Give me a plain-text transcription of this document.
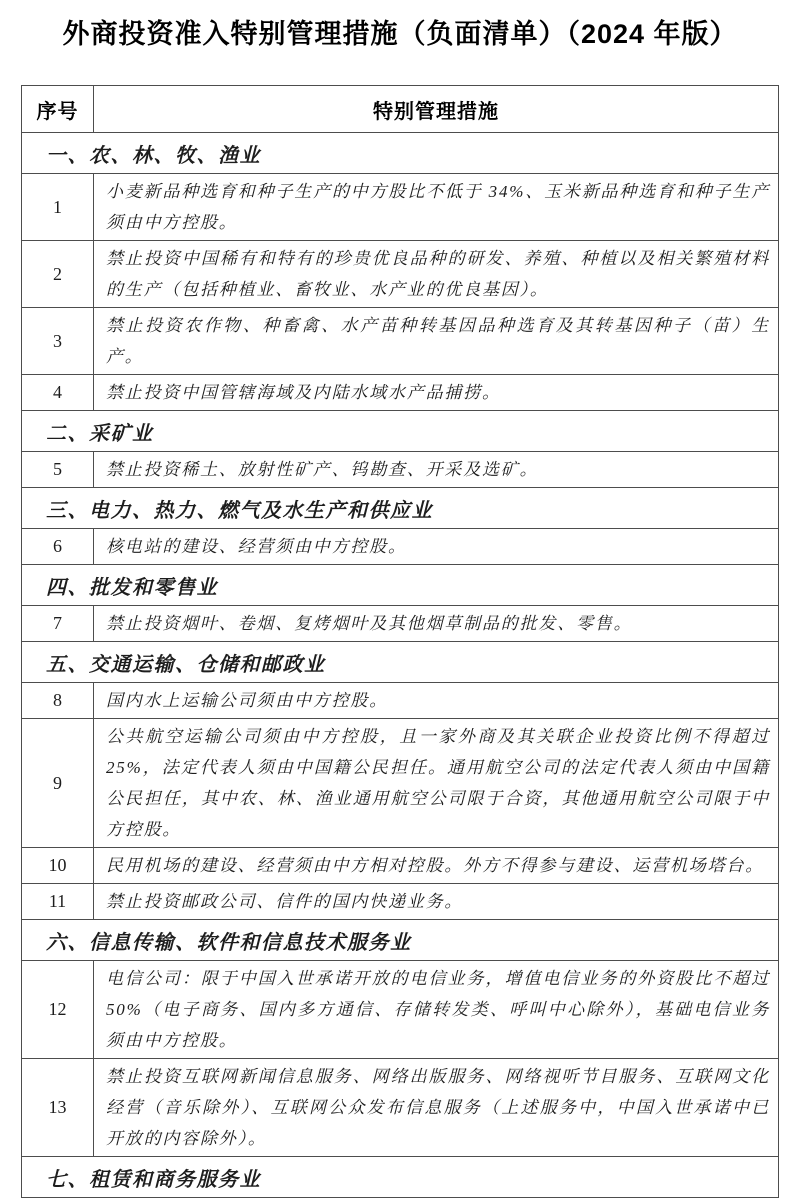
外商投资准入特别管理措施（负面清单）（2024 年版）
序号	特别管理措施
一、农、林、牧、渔业	
1	小麦新品种选育和种子生产的中方股比不低于 34%、玉米新品种选育和种子生产须由中方控股。
2	禁止投资中国稀有和特有的珍贵优良品种的研发、养殖、种植以及相关繁殖材料的生产（包括种植业、畜牧业、水产业的优良基因）。
3	禁止投资农作物、种畜禽、水产苗种转基因品种选育及其转基因种子（苗）生产。
4	禁止投资中国管辖海域及内陆水域水产品捕捞。
二、采矿业	
5	禁止投资稀土、放射性矿产、钨勘查、开采及选矿。
三、电力、热力、燃气及水生产和供应业	
6	核电站的建设、经营须由中方控股。
四、批发和零售业	
7	禁止投资烟叶、卷烟、复烤烟叶及其他烟草制品的批发、零售。
五、交通运输、仓储和邮政业	
8	国内水上运输公司须由中方控股。
9	公共航空运输公司须由中方控股，且一家外商及其关联企业投资比例不得超过 25%，法定代表人须由中国籍公民担任。通用航空公司的法定代表人须由中国籍公民担任，其中农、林、渔业通用航空公司限于合资，其他通用航空公司限于中方控股。
10	民用机场的建设、经营须由中方相对控股。外方不得参与建设、运营机场塔台。
11	禁止投资邮政公司、信件的国内快递业务。
六、信息传输、软件和信息技术服务业	
12	电信公司：限于中国入世承诺开放的电信业务，增值电信业务的外资股比不超过 50%（电子商务、国内多方通信、存储转发类、呼叫中心除外），基础电信业务须由中方控股。
13	禁止投资互联网新闻信息服务、网络出版服务、网络视听节目服务、互联网文化经营（音乐除外）、互联网公众发布信息服务（上述服务中，中国入世承诺中已开放的内容除外）。
七、租赁和商务服务业	
